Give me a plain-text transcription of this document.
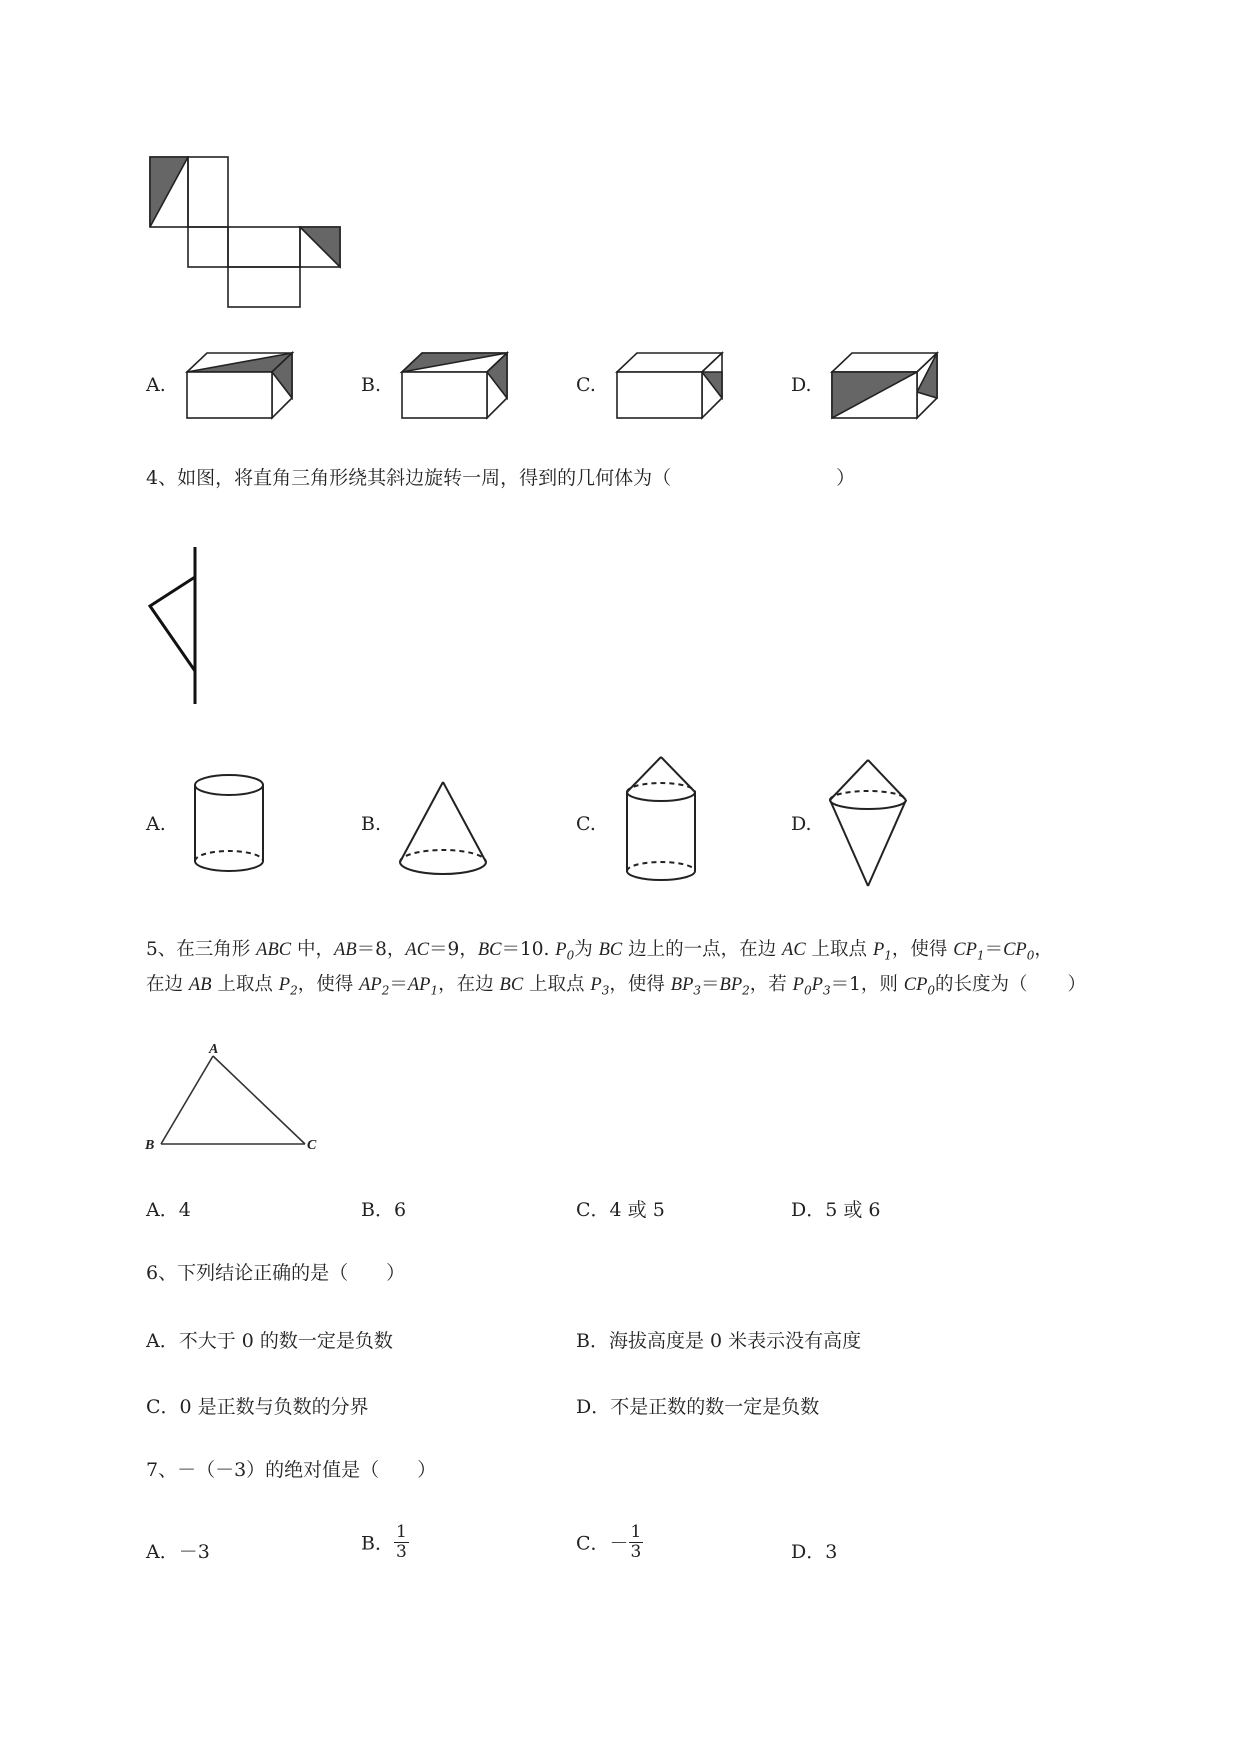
A.	B.	C.	D.
4、如图，将直角三角形绕其斜边旋转一周，得到的几何体为（	）
A.	B.	C.	D.
5、在三角形 ABC 中，AB＝8，AC＝9，BC＝10. $P_0$为 BC 边上的一点，在边 AC 上取点 $P_1$，使得 $CP_1=CP_0$，
在边 AB 上取点 $P_2$，使得 $AP_2=AP_1$，在边 BC 上取点 $P_3$，使得 $BP_3=BP_2$，若 $P_0P_3=1$，则 $CP_0$的长度为（ ）
A
B	C
A．4	B．6	C．4 或 5	D．5 或 6
6、下列结论正确的是（ ）
A．不大于 0 的数一定是负数	B．海拔高度是 0 米表示没有高度
C．0 是正数与负数的分界	D．不是正数的数一定是负数
7、－（－3）的绝对值是（ ）
A．－3	B． $\frac{1}{3}$	C．－ $\frac{1}{3}$	D．3
